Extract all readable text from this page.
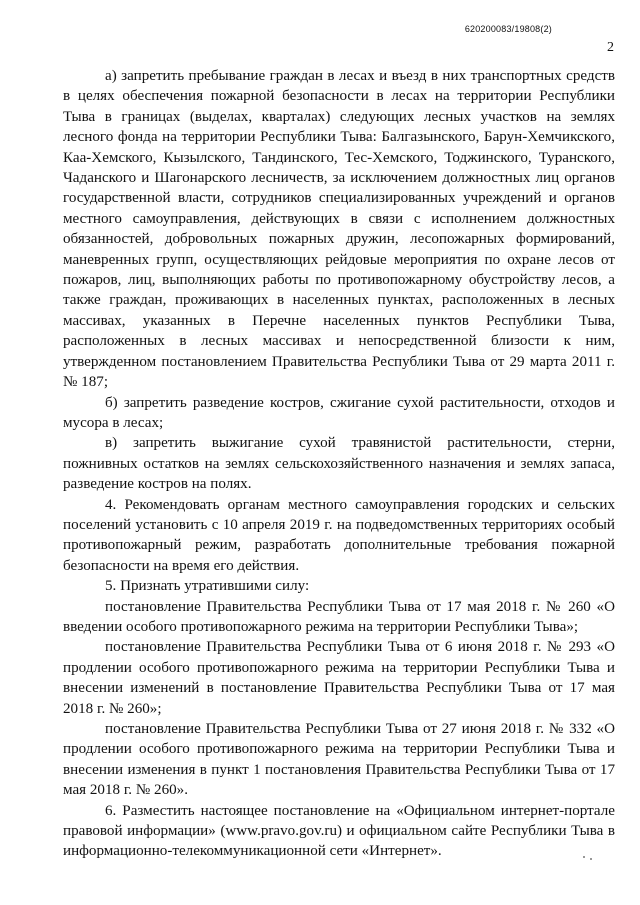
620200083/19808(2)
2

а) запретить пребывание граждан в лесах и въезд в них транспортных средств в целях обеспечения пожарной безопасности в лесах на территории Республики Тыва в границах (выделах, кварталах) следующих лесных участков на землях лесного фонда на территории Республики Тыва: Балгазынского, Барун-Хемчикского, Каа-Хемского, Кызылского, Тандинского, Тес-Хемского, Тоджинского, Туранского, Чаданского и Шагонарского лесничеств, за исключением должностных лиц органов государственной власти, сотрудников специализированных учреждений и органов местного самоуправления, действующих в связи с исполнением должностных обязанностей, добровольных пожарных дружин, лесопожарных формирований, маневренных групп, осуществляющих рейдовые мероприятия по охране лесов от пожаров, лиц, выполняющих работы по противопожарному обустройству лесов, а также граждан, проживающих в населенных пунктах, расположенных в лесных массивах, указанных в Перечне населенных пунктов Республики Тыва, расположенных в лесных массивах и непосредственной близости к ним, утвержденном постановлением Правительства Республики Тыва от 29 марта 2011 г. № 187;

б) запретить разведение костров, сжигание сухой растительности, отходов и мусора в лесах;

в) запретить выжигание сухой травянистой растительности, стерни, пожнивных остатков на землях сельскохозяйственного назначения и землях запаса, разведение костров на полях.

4. Рекомендовать органам местного самоуправления городских и сельских поселений установить с 10 апреля 2019 г. на подведомственных территориях особый противопожарный режим, разработать дополнительные требования пожарной безопасности на время его действия.

5. Признать утратившими силу:

постановление Правительства Республики Тыва от 17 мая 2018 г. № 260 «О введении особого противопожарного режима на территории Республики Тыва»;

постановление Правительства Республики Тыва от 6 июня 2018 г. № 293 «О продлении особого противопожарного режима на территории Республики Тыва и внесении изменений в постановление Правительства Республики Тыва от 17 мая 2018 г. № 260»;

постановление Правительства Республики Тыва от 27 июня 2018 г. № 332 «О продлении особого противопожарного режима на территории Республики Тыва и внесении изменения в пункт 1 постановления Правительства Республики Тыва от 17 мая 2018 г. № 260».

6. Разместить настоящее постановление на «Официальном интернет-портале правовой информации» (www.pravo.gov.ru) и официальном сайте Республики Тыва в информационно-телекоммуникационной сети «Интернет».
